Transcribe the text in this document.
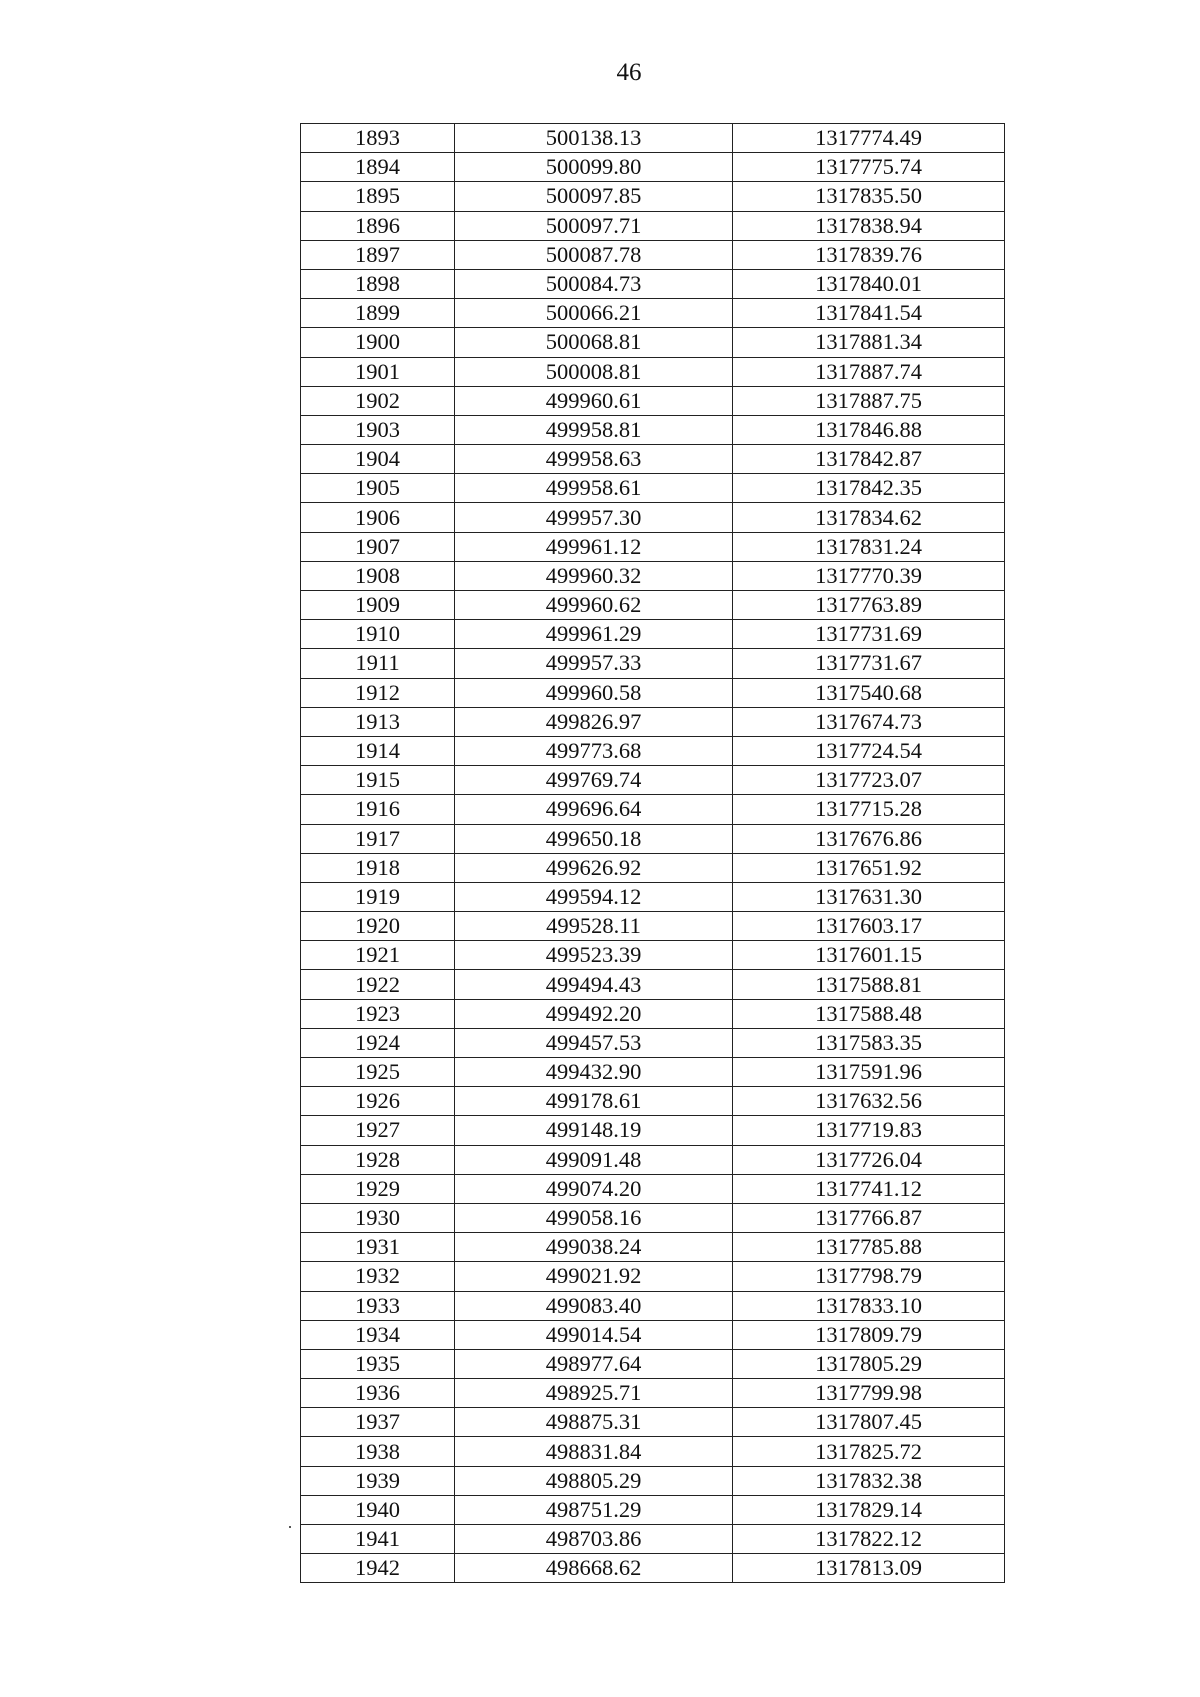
46
1893	500138.13	1317774.49
1894	500099.80	1317775.74
1895	500097.85	1317835.50
1896	500097.71	1317838.94
1897	500087.78	1317839.76
1898	500084.73	1317840.01
1899	500066.21	1317841.54
1900	500068.81	1317881.34
1901	500008.81	1317887.74
1902	499960.61	1317887.75
1903	499958.81	1317846.88
1904	499958.63	1317842.87
1905	499958.61	1317842.35
1906	499957.30	1317834.62
1907	499961.12	1317831.24
1908	499960.32	1317770.39
1909	499960.62	1317763.89
1910	499961.29	1317731.69
1911	499957.33	1317731.67
1912	499960.58	1317540.68
1913	499826.97	1317674.73
1914	499773.68	1317724.54
1915	499769.74	1317723.07
1916	499696.64	1317715.28
1917	499650.18	1317676.86
1918	499626.92	1317651.92
1919	499594.12	1317631.30
1920	499528.11	1317603.17
1921	499523.39	1317601.15
1922	499494.43	1317588.81
1923	499492.20	1317588.48
1924	499457.53	1317583.35
1925	499432.90	1317591.96
1926	499178.61	1317632.56
1927	499148.19	1317719.83
1928	499091.48	1317726.04
1929	499074.20	1317741.12
1930	499058.16	1317766.87
1931	499038.24	1317785.88
1932	499021.92	1317798.79
1933	499083.40	1317833.10
1934	499014.54	1317809.79
1935	498977.64	1317805.29
1936	498925.71	1317799.98
1937	498875.31	1317807.45
1938	498831.84	1317825.72
1939	498805.29	1317832.38
1940	498751.29	1317829.14
1941	498703.86	1317822.12
1942	498668.62	1317813.09
